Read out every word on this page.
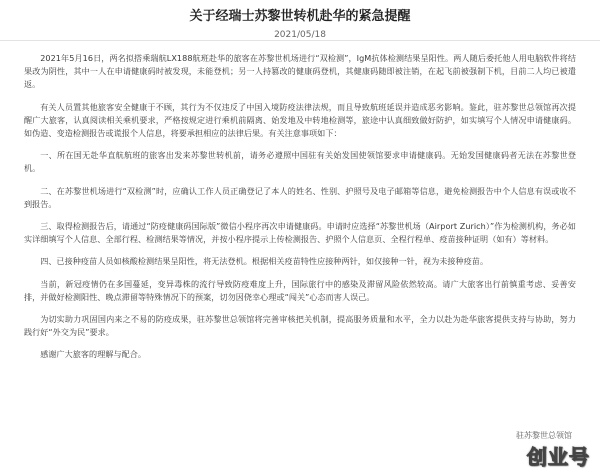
关于经瑞士苏黎世转机赴华的紧急提醒
2021/05/18

2021年5月16日，两名拟搭乘瑞航LX188航班赴华的旅客在苏黎世机场进行“双检测”，IgM抗体检测结果呈阳性。两人随后委托他人用电脑软件将结果改为阴性，其中一人在申请健康码时被发现，未能登机；另一人持篡改的健康码登机，其健康码随即被注销，在起飞前被强制下机，目前二人均已被遣返。

有关人员置其他旅客安全健康于不顾，其行为不仅违反了中国入境防疫法律法规，而且导致航班延误并造成恶劣影响。鉴此，驻苏黎世总领馆再次提醒广大旅客，认真阅读相关乘机要求，严格按规定进行乘机前隔离、始发地及中转地检测等，旅途中认真细致做好防护，如实填写个人情况申请健康码。如伪造、变造检测报告或谎报个人信息，将要承担相应的法律后果。有关注意事项如下：

一、所在国无赴华直航航班的旅客出发来苏黎世转机前，请务必遵照中国驻有关始发国使领馆要求申请健康码。无始发国健康码者无法在苏黎世登机。

二、在苏黎世机场进行“双检测”时，应确认工作人员正确登记了本人的姓名、性别、护照号及电子邮箱等信息，避免检测报告中个人信息有误或收不到报告。

三、取得检测报告后，请通过“防疫健康码国际版”微信小程序再次申请健康码。申请时应选择“苏黎世机场（Airport Zurich）”作为检测机构，务必如实详细填写个人信息、全部行程、检测结果等情况，并按小程序提示上传检测报告、护照个人信息页、全程行程单、疫苗接种证明（如有）等材料。

四、已接种疫苗人员如核酸检测结果呈阳性，将无法登机。根据相关疫苗特性应接种两针，如仅接种一针，视为未接种疫苗。

当前，新冠疫情仍在多国蔓延，变异毒株的流行导致防疫难度上升，国际旅行中的感染及滞留风险依然较高。请广大旅客出行前慎重考虑、妥善安排，并做好检测阳性、晚点滞留等特殊情况下的预案，切勿因侥幸心理或“闯关”心态而害人误己。

为切实助力巩固国内来之不易的防疫成果，驻苏黎世总领馆将完善审核把关机制，提高服务质量和水平，全力以赴为赴华旅客提供支持与协助，努力践行好“外交为民”要求。

感谢广大旅客的理解与配合。

驻苏黎世总领馆
创业号
